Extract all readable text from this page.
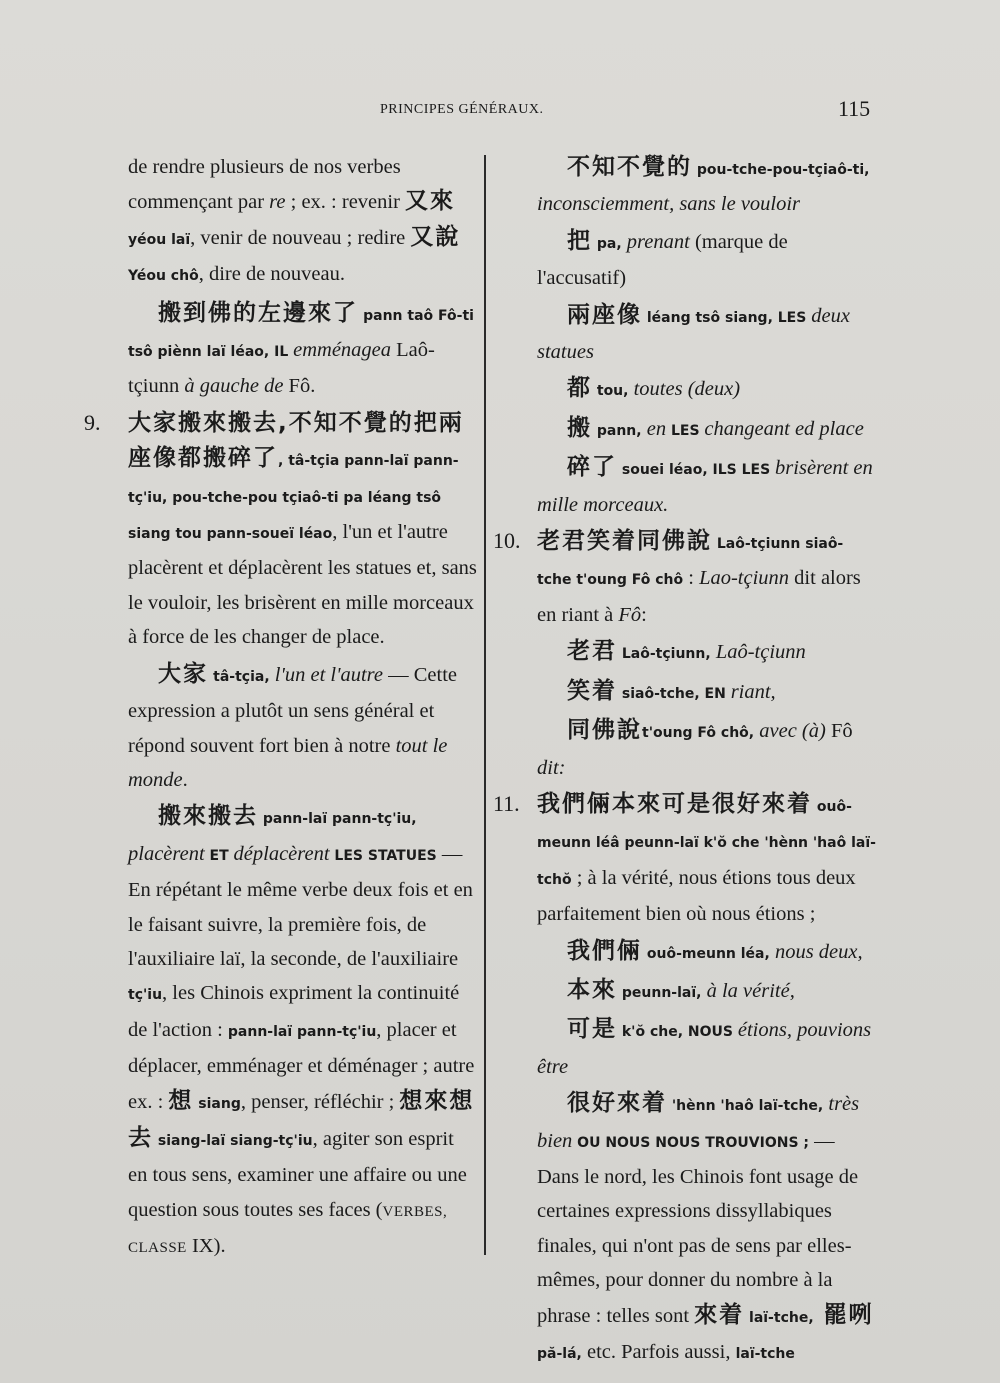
PRINCIPES GÉNÉRAUX.	115

de rendre plusieurs de nos verbes commençant par re ; ex. : revenir 又來 yéou laï, venir de nouveau ; redire 又說 Yéou chô, dire de nouveau.

搬到佛的左邊來了 pann taô Fô-ti tsô piènn laï léao, IL emménagea Laô-tçiunn à gauche de Fô.

9. 大家搬來搬去,不知不覺的把兩座像都搬碎了, tâ-tçia pann-laï pann-tç'iu, pou-tche-pou tçiaô-ti pa léang tsô siang tou pann-soueï léao, l'un et l'autre placèrent et déplacèrent les statues et, sans le vouloir, les brisèrent en mille morceaux à force de les changer de place.

大家 tâ-tçia, l'un et l'autre — Cette expression a plutôt un sens général et répond souvent fort bien à notre tout le monde.

搬來搬去 pann-laï pann-tç'iu, placèrent ET déplacèrent LES STATUES — En répétant le même verbe deux fois et en le faisant suivre, la première fois, de l'auxiliaire laï, la seconde, de l'auxiliaire tç'iu, les Chinois expriment la continuité de l'action : pann-laï pann-tç'iu, placer et déplacer, emménager et déménager ; autre ex. : 想 siang, penser, réfléchir ; 想來想去 siang-laï siang-tç'iu, agiter son esprit en tous sens, examiner une affaire ou une question sous toutes ses faces (VERBES, CLASSE IX).

不知不覺的 pou-tche-pou-tçiaô-ti, inconsciemment, sans le vouloir

把 pa, prenant (marque de l'accusatif)

兩座像 léang tsô siang, LES deux statues

都 tou, toutes (deux)

搬 pann, en LES changeant ed place

碎了 souei léao, ILS LES brisèrent en mille morceaux.

10. 老君笑着同佛說 Laô-tçiunn siaô-tche t'oung Fô chô : Lao-tçiunn dit alors en riant à Fô:

老君 Laô-tçiunn, Laô-tçiunn

笑着 siaô-tche, EN riant,

同佛說t'oung Fô chô, avec (à) Fô dit:

11. 我們倆本來可是很好來着 ouô-meunn léâ peunn-laï k'ŏ che 'hènn 'haô laï-tchŏ ; à la vérité, nous étions tous deux parfaitement bien où nous étions ;

我們倆 ouô-meunn léa, nous deux,

本來 peunn-laï, à la vérité,

可是 k'ŏ che, NOUS étions, pouvions être

很好來着 'hènn 'haô laï-tche, très bien OU NOUS NOUS TROUVIONS ; — Dans le nord, les Chinois font usage de certaines expressions dissyllabiques finales, qui n'ont pas de sens par elles-mêmes, pour donner du nombre à la phrase : telles sont 來着 laï-tche, 罷咧 pă-lá, etc. Parfois aussi, laï-tche
